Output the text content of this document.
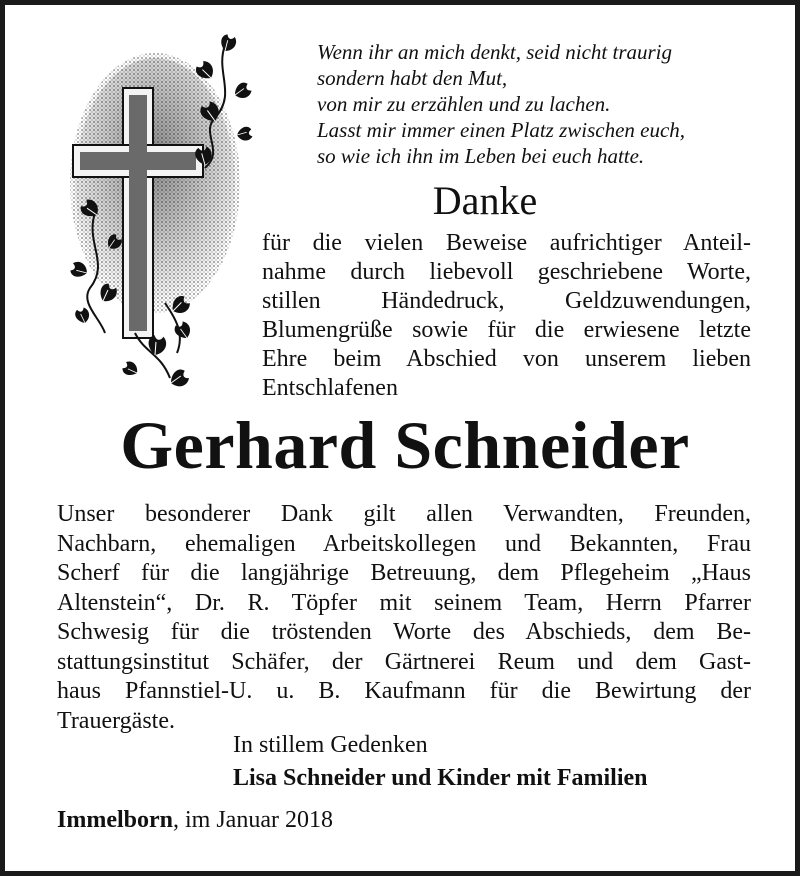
Wenn ihr an mich denkt, seid nicht traurig
sondern habt den Mut,
von mir zu erzählen und zu lachen.
Lasst mir immer einen Platz zwischen euch,
so wie ich ihn im Leben bei euch hatte.

Danke

für die vielen Beweise aufrichtiger Anteil-
nahme durch liebevoll geschriebene Worte,
stillen Händedruck, Geldzuwendungen,
Blumengrüße sowie für die erwiesene letzte
Ehre beim Abschied von unserem lieben
Entschlafenen

Gerhard Schneider

Unser besonderer Dank gilt allen Verwandten, Freunden,
Nachbarn, ehemaligen Arbeitskollegen und Bekannten, Frau
Scherf für die langjährige Betreuung, dem Pflegeheim „Haus
Altenstein“, Dr. R. Töpfer mit seinem Team, Herrn Pfarrer
Schwesig für die tröstenden Worte des Abschieds, dem Be-
stattungsinstitut Schäfer, der Gärtnerei Reum und dem Gast-
haus Pfannstiel-U. u. B. Kaufmann für die Bewirtung der
Trauergäste.

In stillem Gedenken

Lisa Schneider und Kinder mit Familien

Immelborn, im Januar 2018
